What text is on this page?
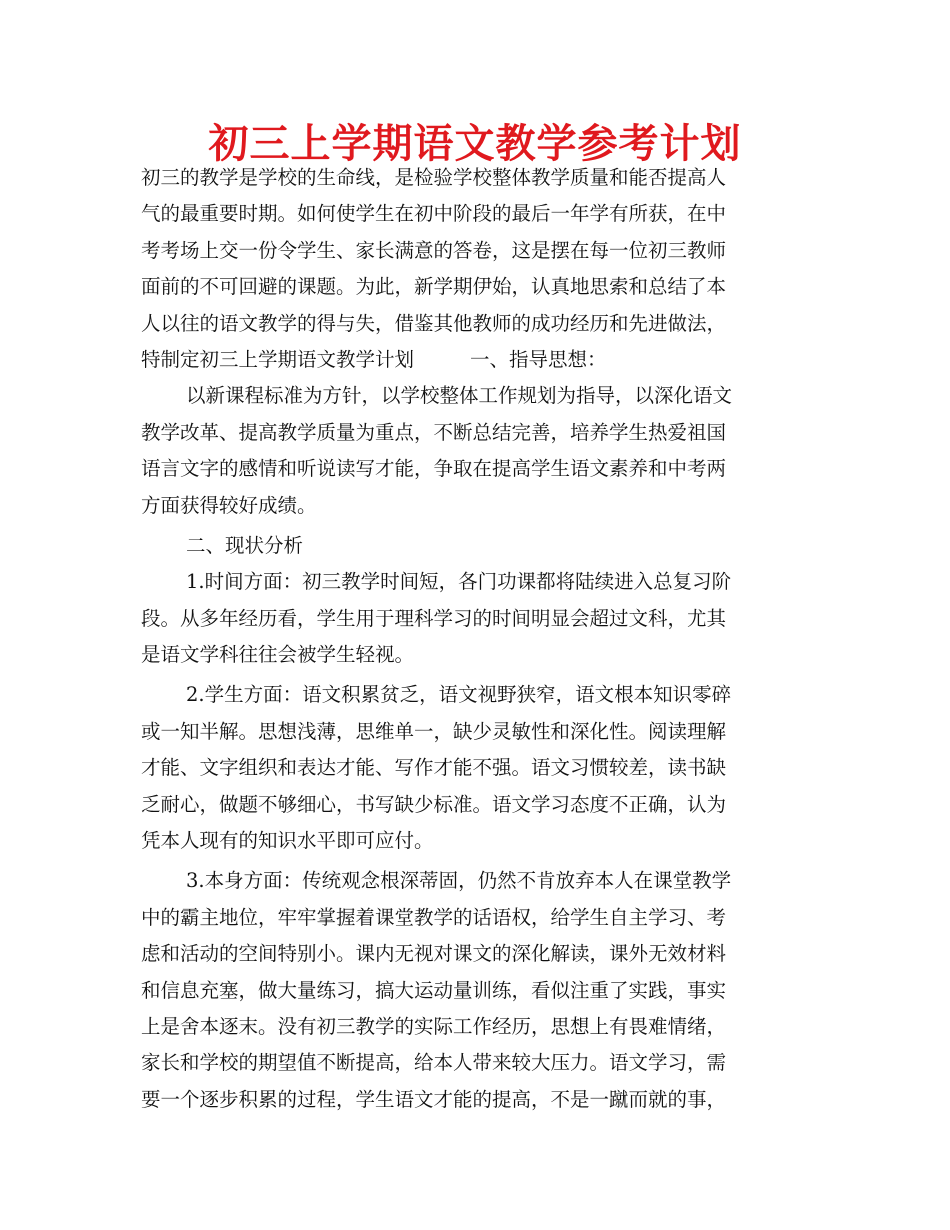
初三上学期语文教学参考计划
初三的教学是学校的生命线，是检验学校整体教学质量和能否提高人
气的最重要时期。如何使学生在初中阶段的最后一年学有所获，在中
考考场上交一份令学生、家长满意的答卷，这是摆在每一位初三教师
面前的不可回避的课题。为此，新学期伊始，认真地思索和总结了本
人以往的语文教学的得与失，借鉴其他教师的成功经历和先进做法，
特制定初三上学期语文教学计划	一、指导思想：
以新课程标准为方针，以学校整体工作规划为指导，以深化语文
教学改革、提高教学质量为重点，不断总结完善，培养学生热爱祖国
语言文字的感情和听说读写才能，争取在提高学生语文素养和中考两
方面获得较好成绩。
二、现状分析
1.时间方面：初三教学时间短，各门功课都将陆续进入总复习阶
段。从多年经历看，学生用于理科学习的时间明显会超过文科，尤其
是语文学科往往会被学生轻视。
2.学生方面：语文积累贫乏，语文视野狭窄，语文根本知识零碎
或一知半解。思想浅薄，思维单一，缺少灵敏性和深化性。阅读理解
才能、文字组织和表达才能、写作才能不强。语文习惯较差，读书缺
乏耐心，做题不够细心，书写缺少标准。语文学习态度不正确，认为
凭本人现有的知识水平即可应付。
3.本身方面：传统观念根深蒂固，仍然不肯放弃本人在课堂教学
中的霸主地位，牢牢掌握着课堂教学的话语权，给学生自主学习、考
虑和活动的空间特别小。课内无视对课文的深化解读，课外无效材料
和信息充塞，做大量练习，搞大运动量训练，看似注重了实践，事实
上是舍本逐末。没有初三教学的实际工作经历，思想上有畏难情绪，
家长和学校的期望值不断提高，给本人带来较大压力。语文学习，需
要一个逐步积累的过程，学生语文才能的提高，不是一蹴而就的事，
